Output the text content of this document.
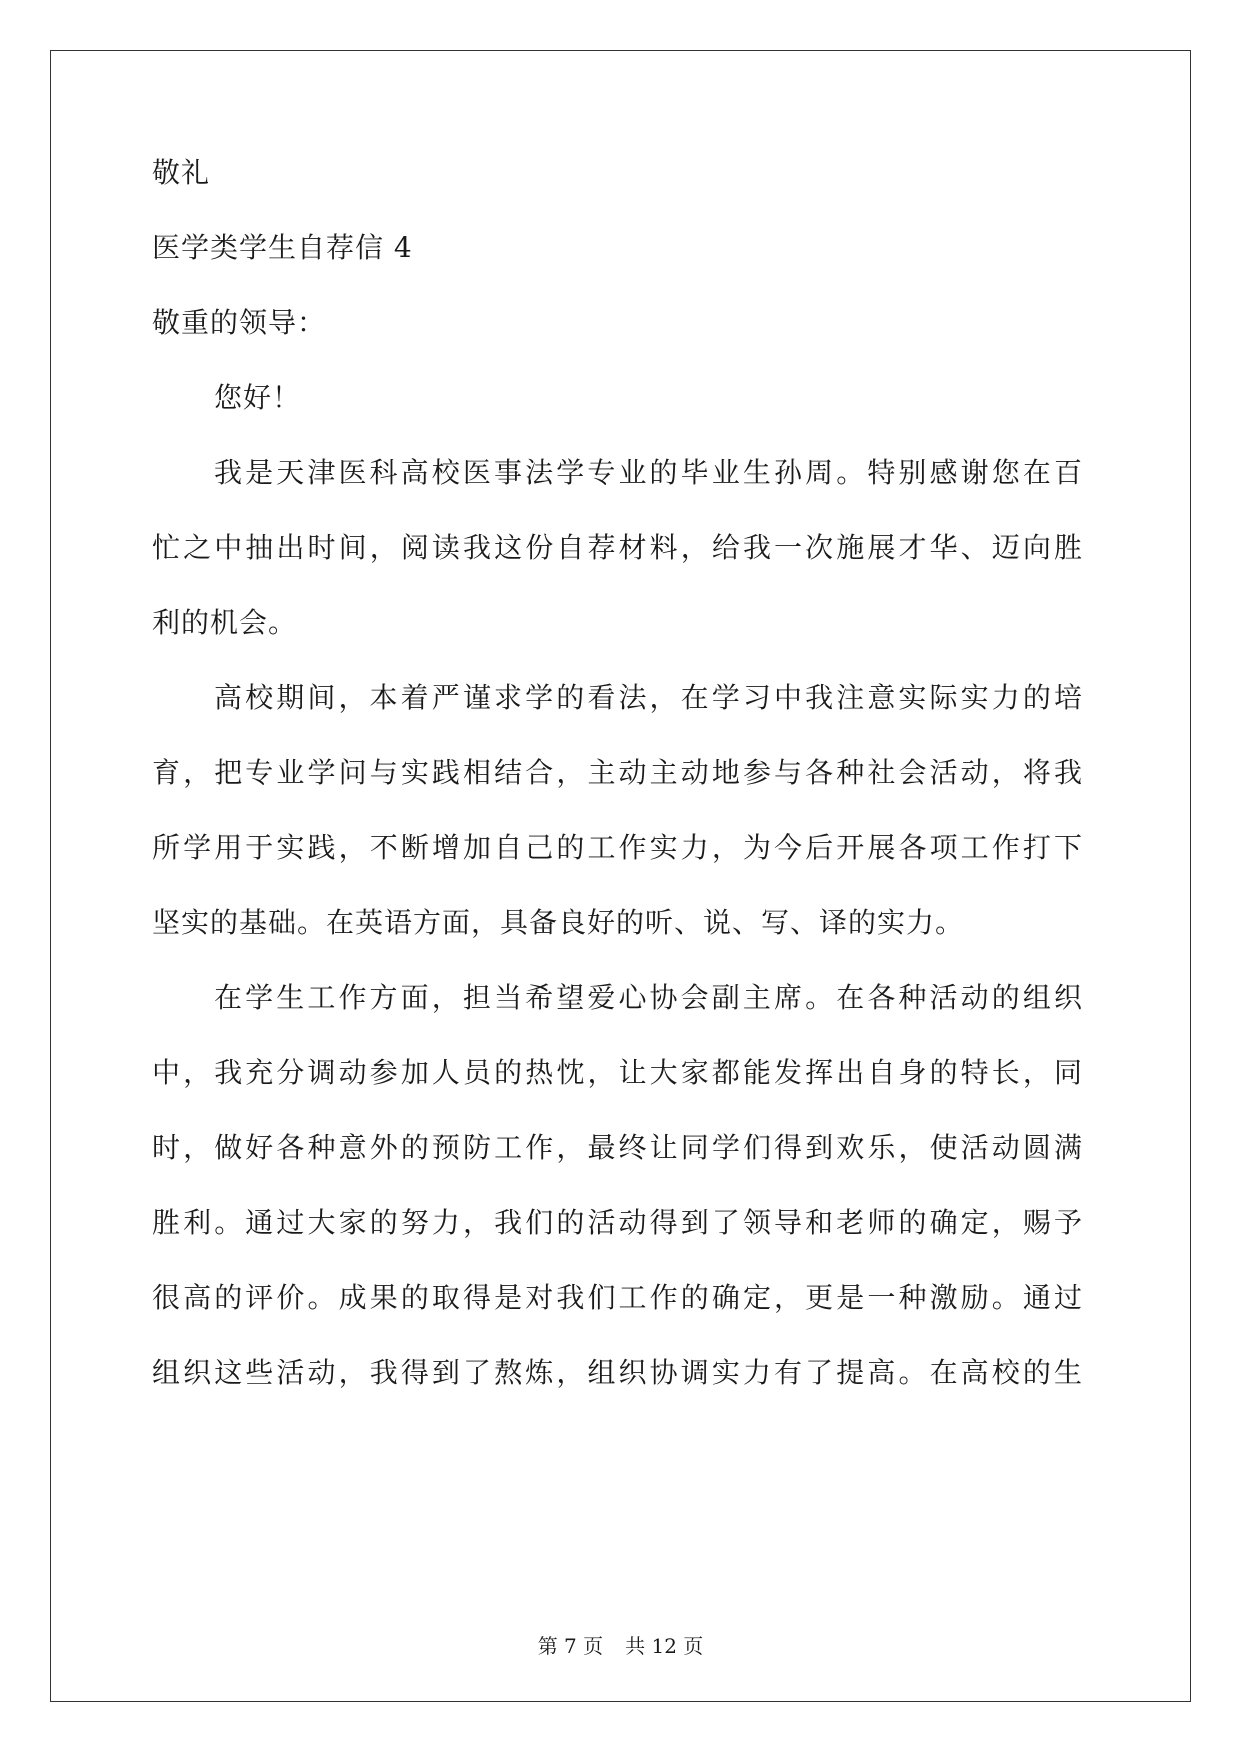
敬礼

医学类学生自荐信 4

敬重的领导：

您好！

我是天津医科高校医事法学专业的毕业生孙周。特别感谢您在百

忙之中抽出时间，阅读我这份自荐材料，给我一次施展才华、迈向胜

利的机会。

高校期间，本着严谨求学的看法，在学习中我注意实际实力的培

育，把专业学问与实践相结合，主动主动地参与各种社会活动，将我

所学用于实践，不断增加自己的工作实力，为今后开展各项工作打下

坚实的基础。在英语方面，具备良好的听、说、写、译的实力。

在学生工作方面，担当希望爱心协会副主席。在各种活动的组织

中，我充分调动参加人员的热忱，让大家都能发挥出自身的特长，同

时，做好各种意外的预防工作，最终让同学们得到欢乐，使活动圆满

胜利。通过大家的努力，我们的活动得到了领导和老师的确定，赐予

很高的评价。成果的取得是对我们工作的确定，更是一种激励。通过

组织这些活动，我得到了熬炼，组织协调实力有了提高。在高校的生

第 7 页 共 12 页
